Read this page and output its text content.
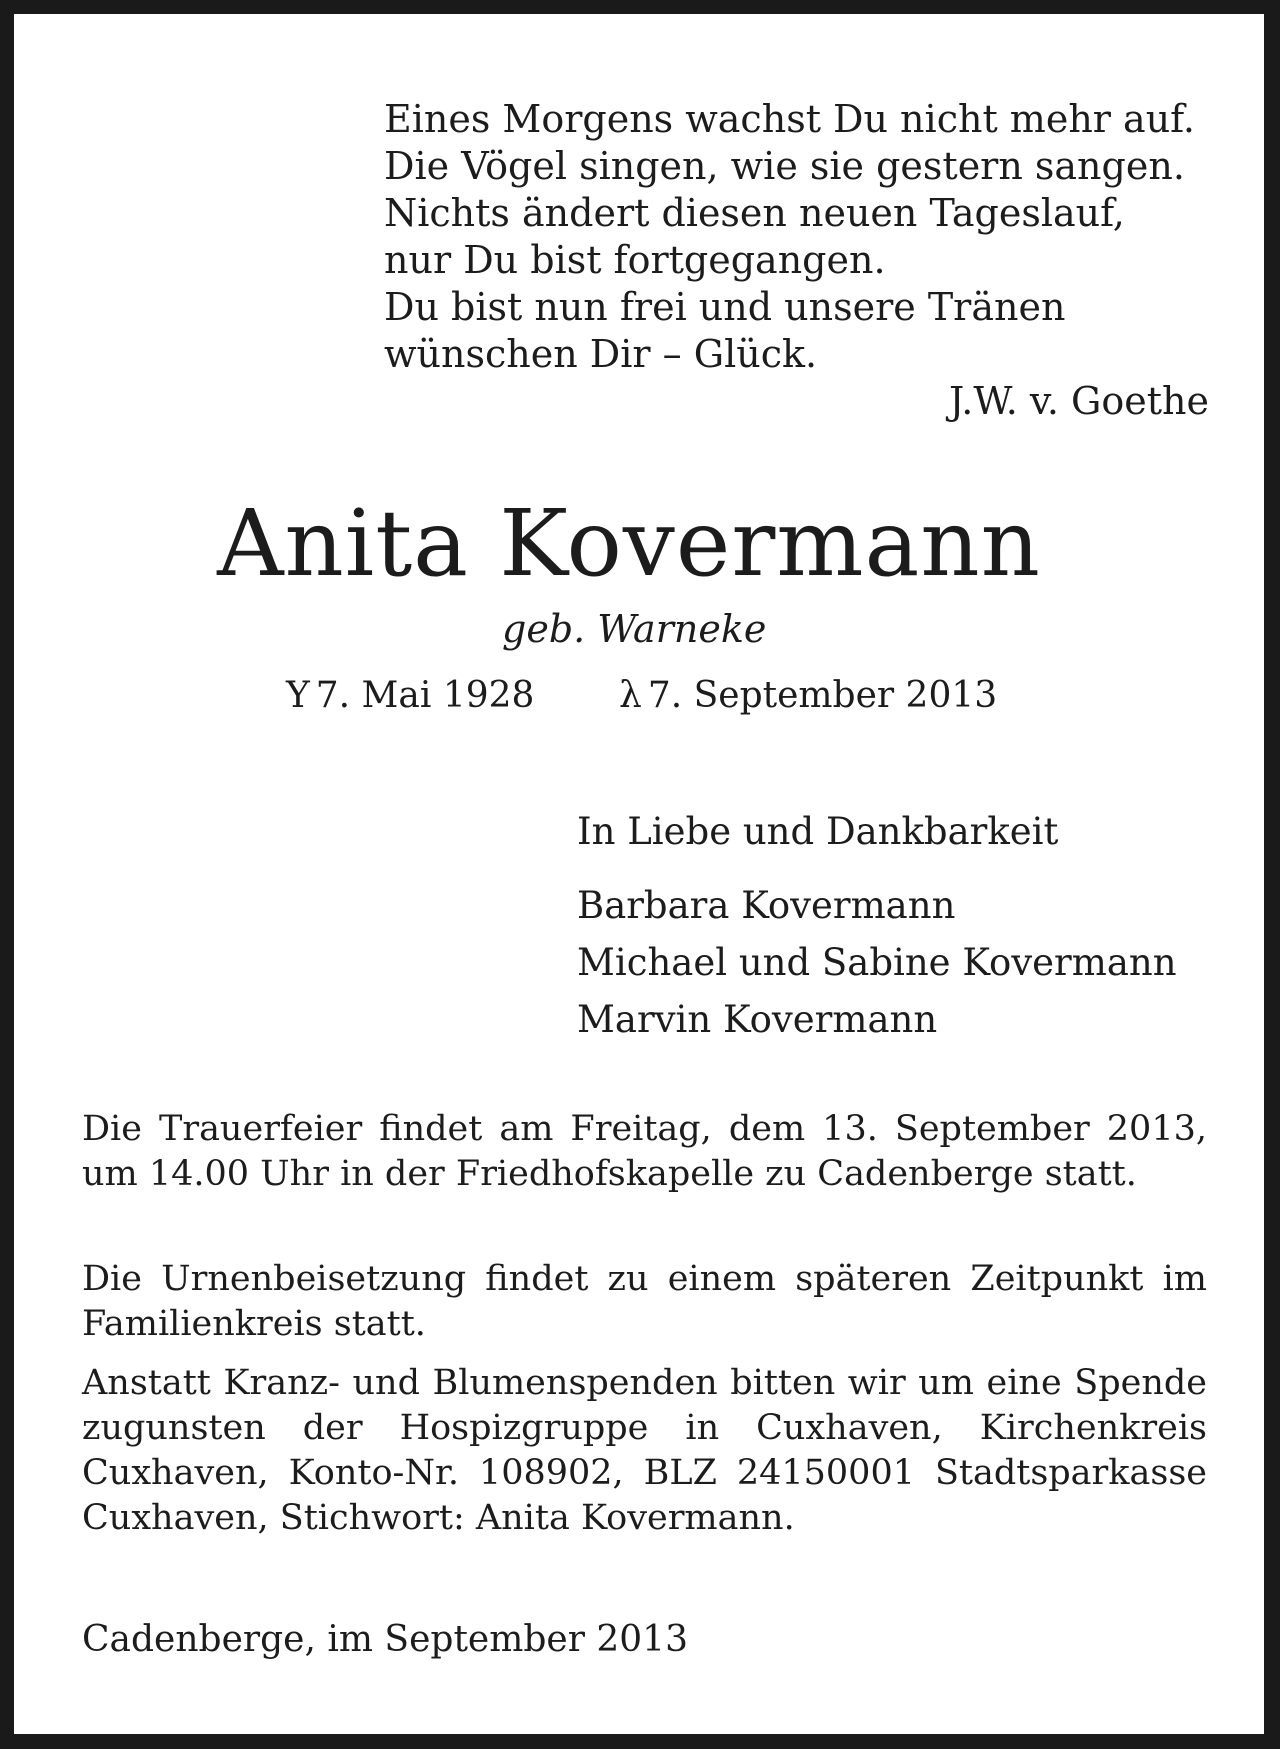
Eines Morgens wachst Du nicht mehr auf.
Die Vögel singen, wie sie gestern sangen.
Nichts ändert diesen neuen Tageslauf,
nur Du bist fortgegangen.
Du bist nun frei und unsere Tränen
wünschen Dir – Glück.
J.W. v. Goethe
Anita Kovermann
geb. Warneke
Y 7. Mai 1928 λ 7. September 2013
In Liebe und Dankbarkeit
Barbara Kovermann
Michael und Sabine Kovermann
Marvin Kovermann
Die Trauerfeier findet am Freitag, dem 13. September 2013, um 14.00 Uhr in der Friedhofskapelle zu Cadenberge statt.
Die Urnenbeisetzung findet zu einem späteren Zeitpunkt im Familienkreis statt.
Anstatt Kranz- und Blumenspenden bitten wir um eine Spende zugunsten der Hospizgruppe in Cuxhaven, Kirchenkreis Cuxhaven, Konto-Nr. 108902, BLZ 24150001 Stadtsparkasse Cuxhaven, Stichwort: Anita Kovermann.
Cadenberge, im September 2013
